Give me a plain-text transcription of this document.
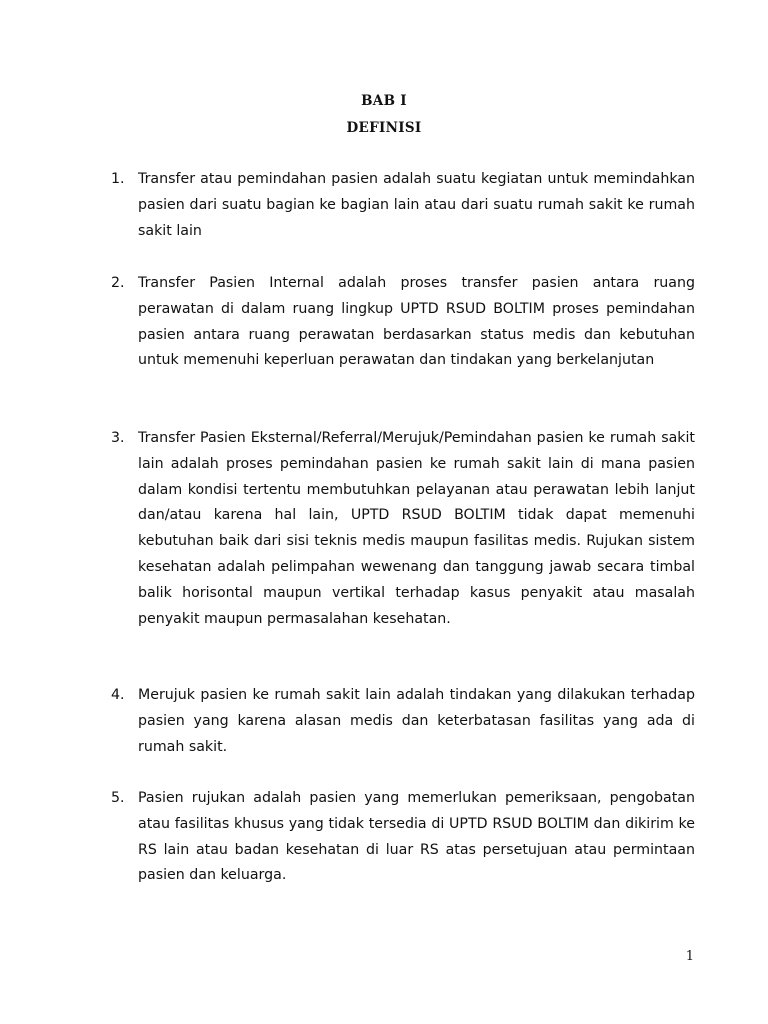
BAB I
DEFINISI
1. Transfer atau pemindahan pasien adalah suatu kegiatan untuk memindahkan pasien dari suatu bagian ke bagian lain atau dari suatu rumah sakit ke rumah sakit lain
2. Transfer Pasien Internal adalah proses transfer pasien antara ruang perawatan di dalam ruang lingkup UPTD RSUD BOLTIM proses pemindahan pasien antara ruang perawatan berdasarkan status medis dan kebutuhan untuk memenuhi keperluan perawatan dan tindakan yang berkelanjutan
3. Transfer Pasien Eksternal/Referral/Merujuk/Pemindahan pasien ke rumah sakit lain adalah proses pemindahan pasien ke rumah sakit lain di mana pasien dalam kondisi tertentu membutuhkan pelayanan atau perawatan lebih lanjut dan/atau karena hal lain, UPTD RSUD BOLTIM tidak dapat memenuhi kebutuhan baik dari sisi teknis medis maupun fasilitas medis. Rujukan sistem kesehatan adalah pelimpahan wewenang dan tanggung jawab secara timbal balik horisontal maupun vertikal terhadap kasus penyakit atau masalah penyakit maupun permasalahan kesehatan.
4. Merujuk pasien ke rumah sakit lain adalah tindakan yang dilakukan terhadap pasien yang karena alasan medis dan keterbatasan fasilitas yang ada di rumah sakit.
5. Pasien rujukan adalah pasien yang memerlukan pemeriksaan, pengobatan atau fasilitas khusus yang tidak tersedia di UPTD RSUD BOLTIM dan dikirim ke RS lain atau badan kesehatan di luar RS atas persetujuan atau permintaan pasien dan keluarga.
1
